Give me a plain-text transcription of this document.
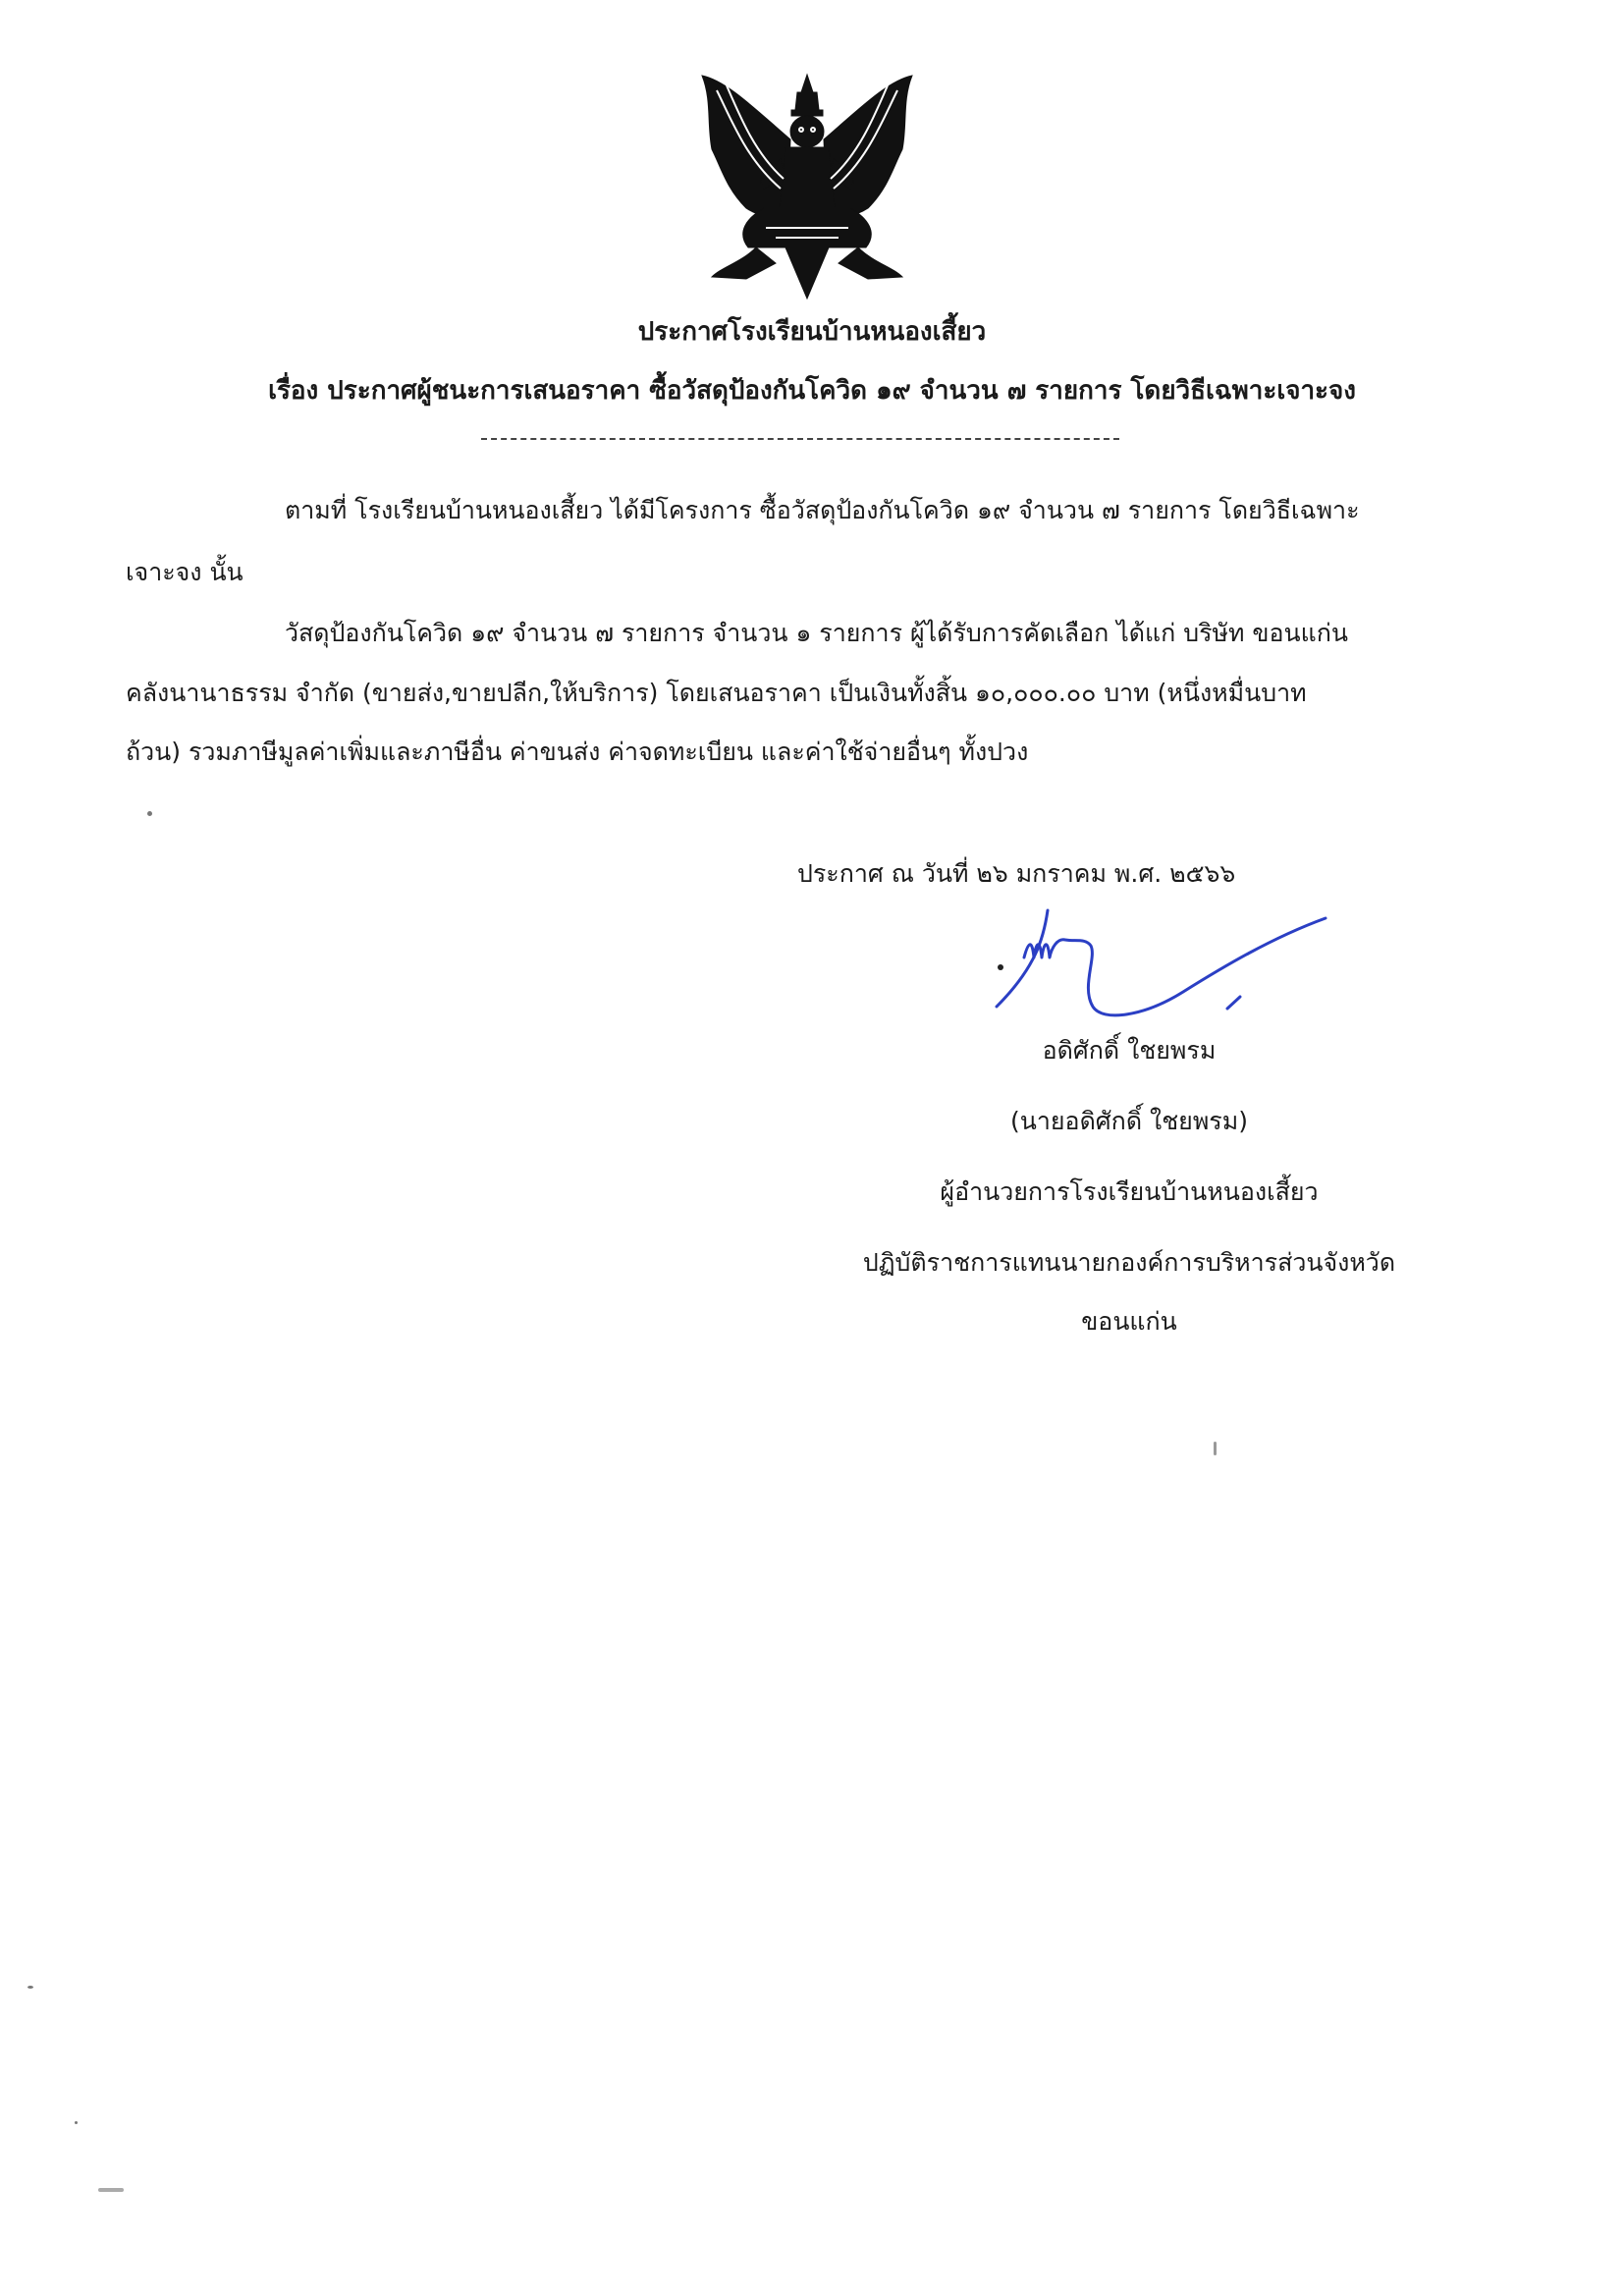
ประกาศโรงเรียนบ้านหนองเสี้ยว
เรื่อง ประกาศผู้ชนะการเสนอราคา ซื้อวัสดุป้องกันโควิด ๑๙ จำนวน ๗ รายการ โดยวิธีเฉพาะเจาะจง
ตามที่ โรงเรียนบ้านหนองเสี้ยว ได้มีโครงการ ซื้อวัสดุป้องกันโควิด ๑๙ จำนวน ๗ รายการ โดยวิธีเฉพาะ
เจาะจง นั้น
วัสดุป้องกันโควิด ๑๙ จำนวน ๗ รายการ จำนวน ๑ รายการ ผู้ได้รับการคัดเลือก ได้แก่ บริษัท ขอนแก่น
คลังนานาธรรม จำกัด (ขายส่ง,ขายปลีก,ให้บริการ) โดยเสนอราคา เป็นเงินทั้งสิ้น ๑๐,๐๐๐.๐๐ บาท (หนึ่งหมื่นบาท
ถ้วน) รวมภาษีมูลค่าเพิ่มและภาษีอื่น ค่าขนส่ง ค่าจดทะเบียน และค่าใช้จ่ายอื่นๆ ทั้งปวง
ประกาศ ณ วันที่ ๒๖ มกราคม พ.ศ. ๒๕๖๖
อดิศักดิ์ ใชยพรม
(นายอดิศักดิ์ ใชยพรม)
ผู้อำนวยการโรงเรียนบ้านหนองเสี้ยว
ปฏิบัติราชการแทนนายกองค์การบริหารส่วนจังหวัด
ขอนแก่น
